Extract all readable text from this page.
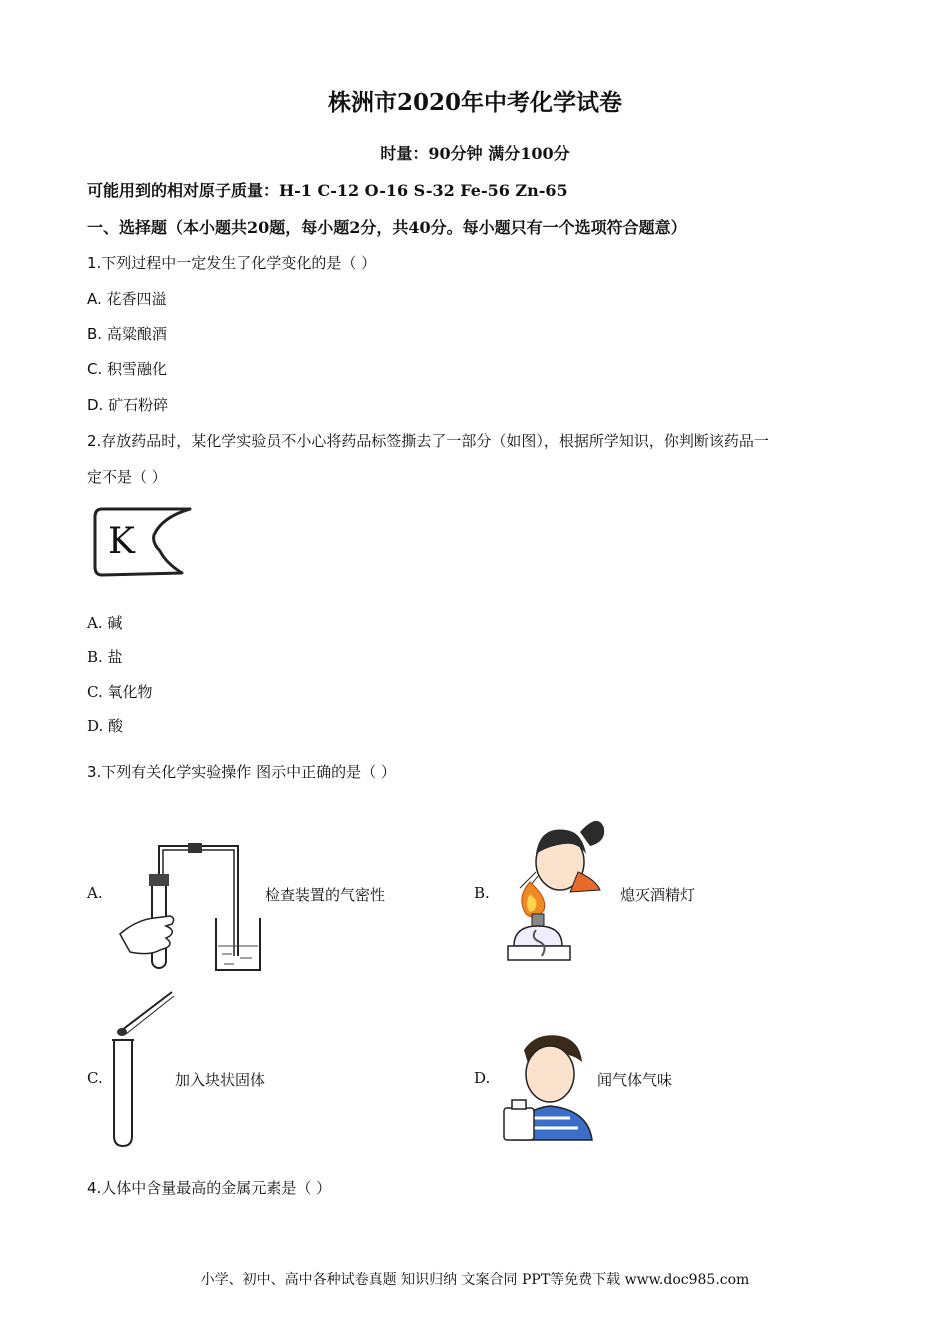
株洲市2020年中考化学试卷
时量：90分钟 满分100分
可能用到的相对原子质量：H-1 C-12 O-16 S-32 Fe-56 Zn-65
一、选择题（本小题共20题，每小题2分，共40分。每小题只有一个选项符合题意）
1.下列过程中一定发生了化学变化的是（ ）
A. 花香四溢
B. 高粱酿酒
C. 积雪融化
D. 矿石粉碎
2.存放药品时，某化学实验员不小心将药品标签撕去了一部分（如图），根据所学知识，你判断该药品一
定不是（ ）
K
A. 碱
B. 盐
C. 氧化物
D. 酸
3.下列有关化学实验操作 图示中正确的是（ ）
A.	检查装置的气密性	B.	熄灭酒精灯
C.	加入块状固体	D.	闻气体气味
4.人体中含量最高的金属元素是（ ）
小学、初中、高中各种试卷真题 知识归纳 文案合同 PPT等免费下载 www.doc985.com
